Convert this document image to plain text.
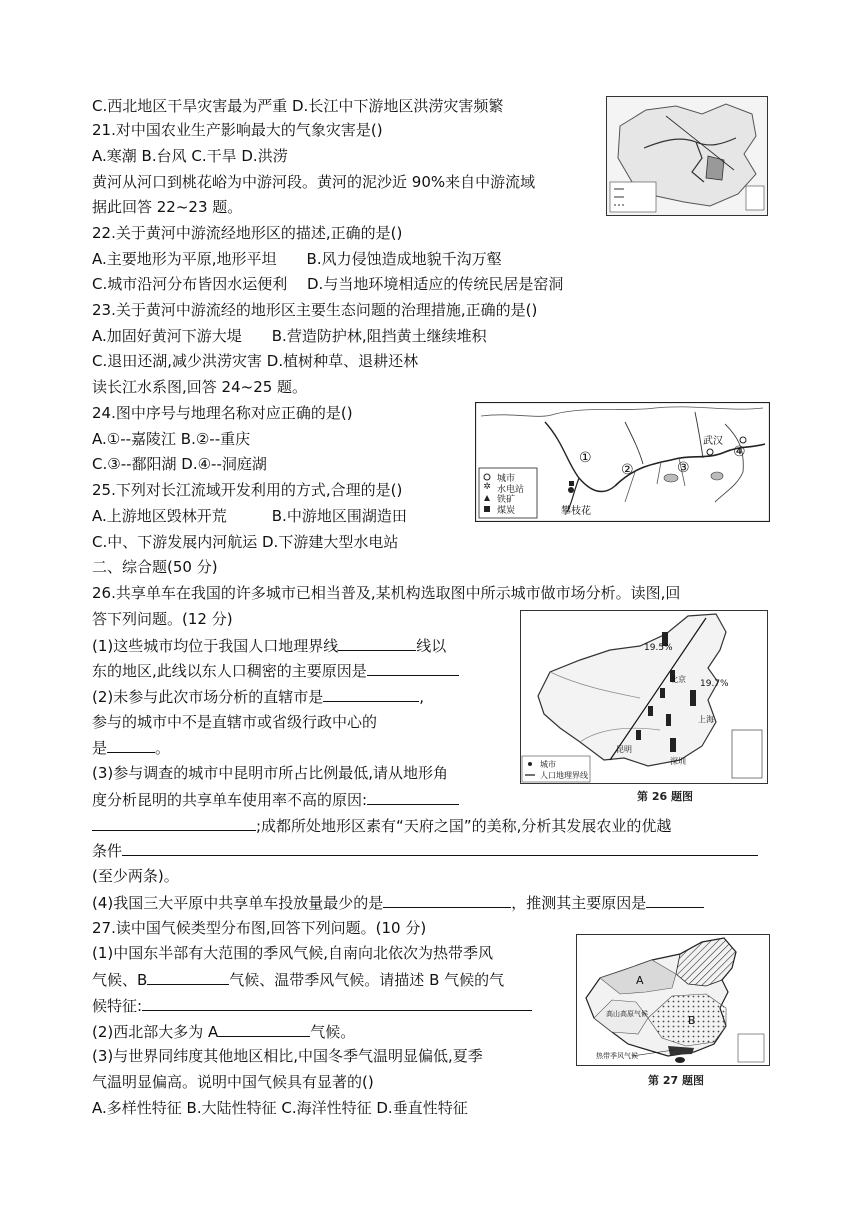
C.西北地区干旱灾害最为严重 D.长江中下游地区洪涝灾害频繁
21.对中国农业生产影响最大的气象灾害是()
A.寒潮 B.台风 C.干旱 D.洪涝
黄河从河口到桃花峪为中游河段。黄河的泥沙近 90%来自中游流域
据此回答 22~23 题。
22.关于黄河中游流经地形区的描述,正确的是()
A.主要地形为平原,地形平坦　　B.风力侵蚀造成地貌千沟万壑
C.城市沿河分布皆因水运便利　 D.与当地环境相适应的传统民居是窑洞
23.关于黄河中游流经的地形区主要生态问题的治理措施,正确的是()
A.加固好黄河下游大堤　　B.营造防护林,阻挡黄土继续堆积
C.退田还湖,减少洪涝灾害 D.植树种草、退耕还林
读长江水系图,回答 24~25 题。
24.图中序号与地理名称对应正确的是()
A.①--嘉陵江 B.②--重庆
C.③--鄱阳湖 D.④--洞庭湖
25.下列对长江流域开发利用的方式,合理的是()
A.上游地区毁林开荒　　　B.中游地区围湖造田
C.中、下游发展内河航运 D.下游建大型水电站
二、综合题(50 分)
26.共享单车在我国的许多城市已相当普及,某机构选取图中所示城市做市场分析。读图,回
答下列问题。(12 分)
(1)这些城市均位于我国人口地理界线	线以
东的地区,此线以东人口稠密的主要原因是
(2)未参与此次市场分析的直辖市是	,
参与的城市中不是直辖市或省级行政中心的
是	。
(3)参与调查的城市中昆明市所占比例最低,请从地形角
度分析昆明的共享单车使用率不高的原因:
;成都所处地形区素有“天府之国”的美称,分析其发展农业的优越
条件
(至少两条)。
(4)我国三大平原中共享单车投放量最少的是	，推测其主要原因是
27.读中国气候类型分布图,回答下列问题。(10 分)
(1)中国东半部有大范围的季风气候,自南向北依次为热带季风
气候、B	气候、温带季风气候。请描述 B 气候的气
候特征:
(2)西北部大多为 A	气候。
(3)与世界同纬度其他地区相比,中国冬季气温明显偏低,夏季
气温明显偏高。说明中国气候具有显著的()
A.多样性特征 B.大陆性特征 C.海洋性特征 D.垂直性特征
①
②	③
④
武汉
攀枝花
✲
城市
水电站
铁矿
煤炭
19.5%
19.7%
北京
上海
昆明
深圳
城市
人口地理界线
第 26 题图
A
B
高山高原气候
热带季风气候
第 27 题图
